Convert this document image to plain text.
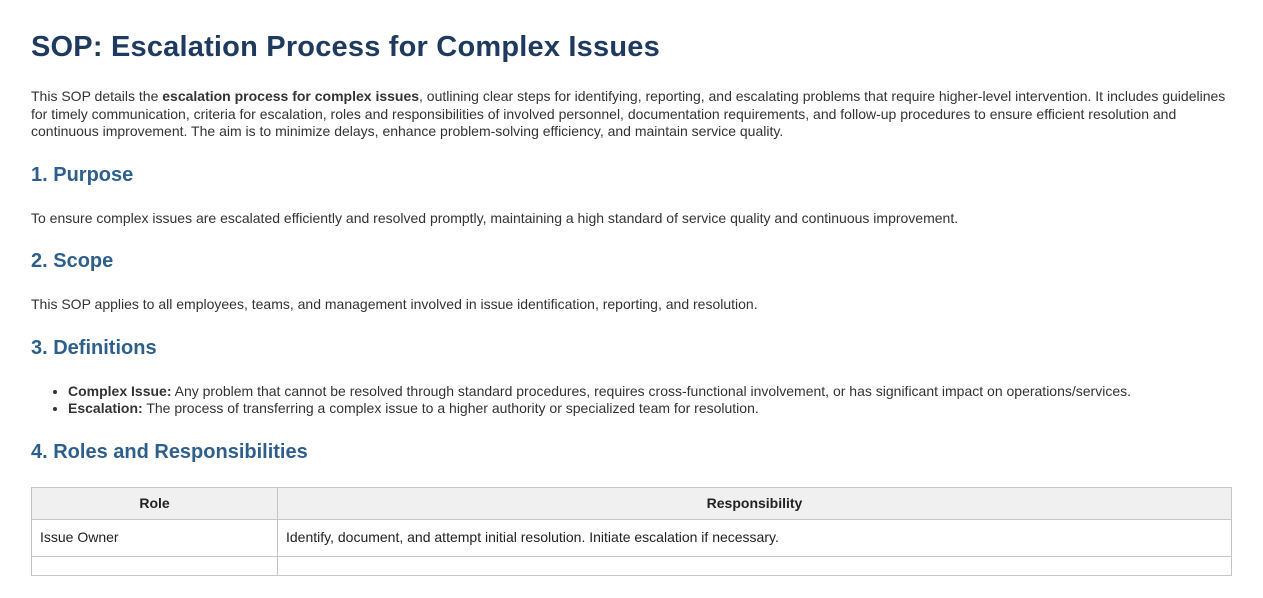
SOP: Escalation Process for Complex Issues

This SOP details the escalation process for complex issues, outlining clear steps for identifying, reporting, and escalating problems that require higher-level intervention. It includes guidelines for timely communication, criteria for escalation, roles and responsibilities of involved personnel, documentation requirements, and follow-up procedures to ensure efficient resolution and continuous improvement. The aim is to minimize delays, enhance problem-solving efficiency, and maintain service quality.

1. Purpose

To ensure complex issues are escalated efficiently and resolved promptly, maintaining a high standard of service quality and continuous improvement.

2. Scope

This SOP applies to all employees, teams, and management involved in issue identification, reporting, and resolution.

3. Definitions
• Complex Issue: Any problem that cannot be resolved through standard procedures, requires cross-functional involvement, or has significant impact on operations/services.
• Escalation: The process of transferring a complex issue to a higher authority or specialized team for resolution.
4. Roles and Responsibilities
Role	Responsibility
Issue Owner	Identify, document, and attempt initial resolution. Initiate escalation if necessary.
